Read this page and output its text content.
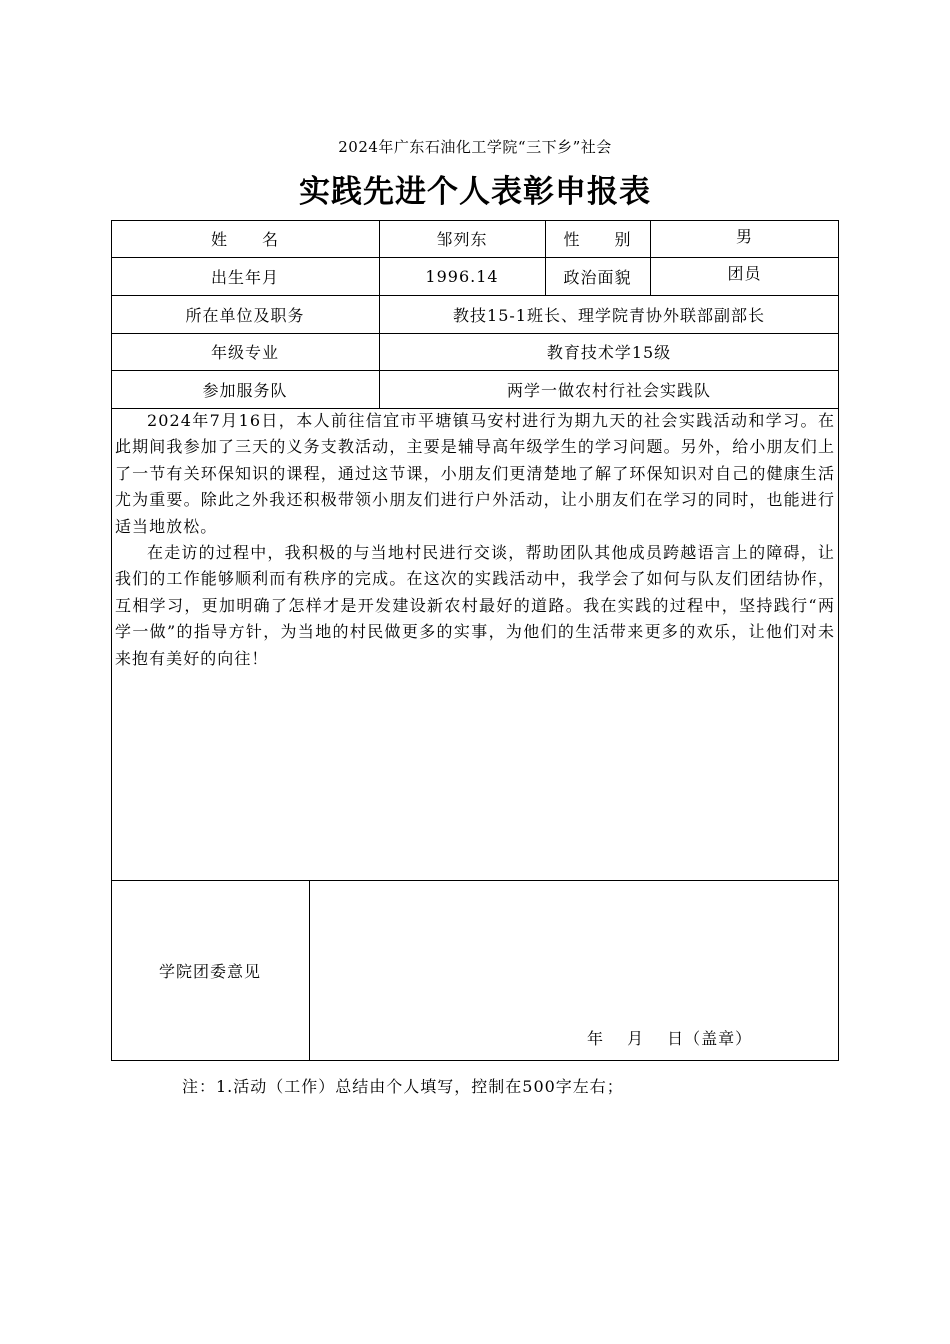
2024年广东石油化工学院“三下乡”社会
实践先进个人表彰申报表
姓　　名	邹列东	性　　别	男
出生年月	1996.14	政治面貌	团员
所在单位及职务	教技15-1班长、理学院青协外联部副部长
年级专业	教育技术学15级
参加服务队	两学一做农村行社会实践队

2024年7月16日，本人前往信宜市平塘镇马安村进行为期九天的社会实践活动和学习。在此期间我参加了三天的义务支教活动，主要是辅导高年级学生的学习问题。另外，给小朋友们上了一节有关环保知识的课程，通过这节课，小朋友们更清楚地了解了环保知识对自己的健康生活尤为重要。除此之外我还积极带领小朋友们进行户外活动，让小朋友们在学习的同时，也能进行适当地放松。

在走访的过程中，我积极的与当地村民进行交谈，帮助团队其他成员跨越语言上的障碍，让我们的工作能够顺利而有秩序的完成。在这次的实践活动中，我学会了如何与队友们团结协作，互相学习，更加明确了怎样才是开发建设新农村最好的道路。我在实践的过程中，坚持践行“两学一做”的指导方针，为当地的村民做更多的实事，为他们的生活带来更多的欢乐，让他们对未来抱有美好的向往！

学院团委意见
年　 月　 日（盖章）
注：1.活动（工作）总结由个人填写，控制在500字左右；
